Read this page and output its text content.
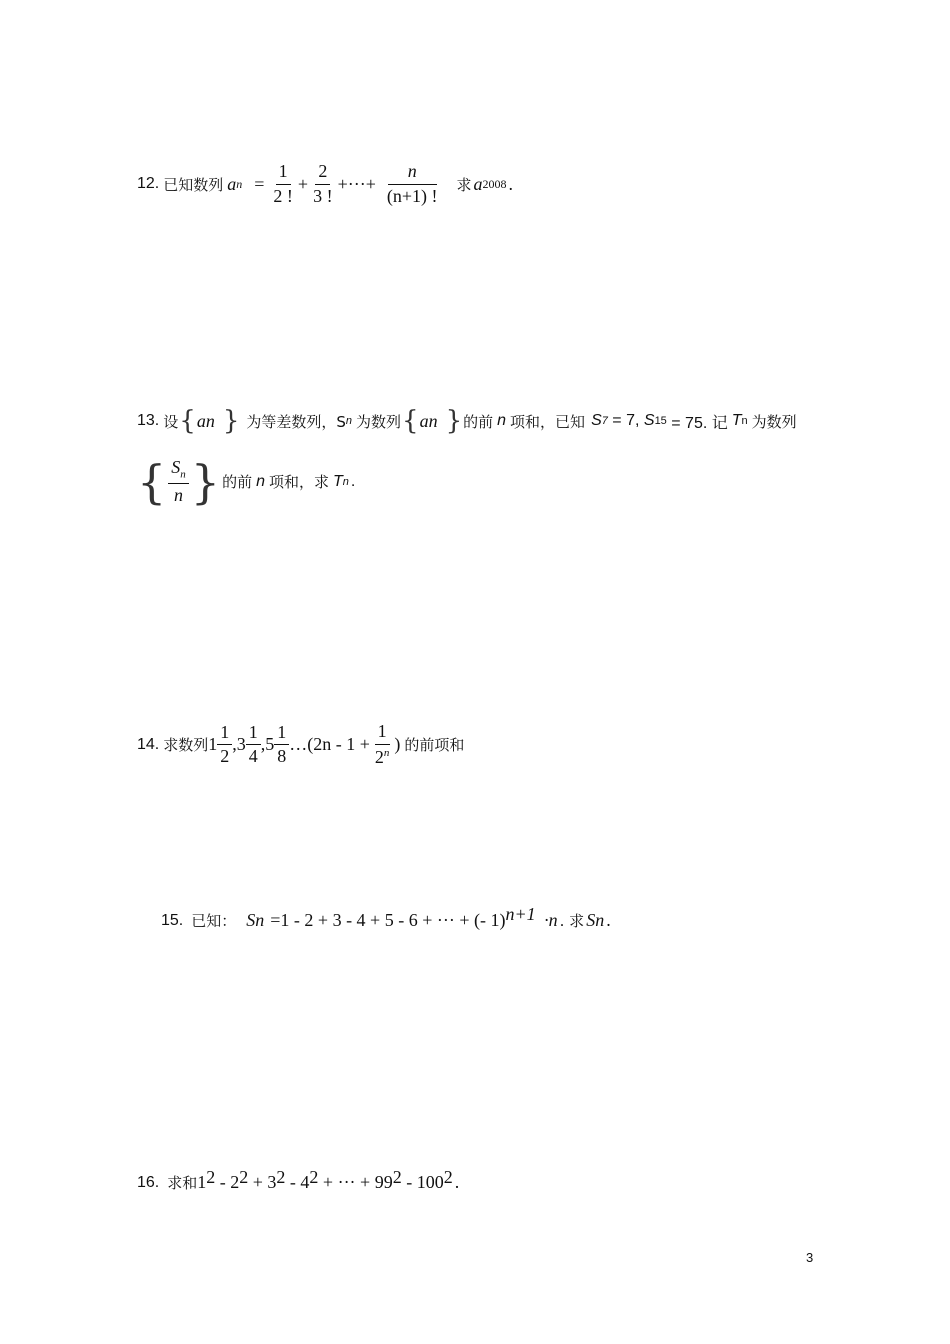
12. 已知数列 a $n = \frac{1}{2 !} + \frac{2}{3 !}$ +···+ $\frac{n}{(n+1) !}$ 求 a 2008 .
13. 设 { a n } 为等差数列，S n 为数列 { a n } 的前 n 项和，已知 S 7 = 7, S 15 = 75. 记 T n 为数列
{ $\frac{S_n}{n}$ } 的前 n 项和，求 T n .
14. 求数列 $1 \frac{1}{2} ,3 \frac{1}{4} ,5 \frac{1}{8}$ …(2n - $1 + \frac{1}{2^n}$ ) 的前项和
15. 已知： S n =1 - 2 + 3 - 4 + 5 - 6 + ··· + (- 1)$^{n+1}$ ·n . 求 S n .
16. 求和 $1^2 - 2^2 + 3^2 - 4^2$ + ··· + $99^2 - 100^2$ .
3
